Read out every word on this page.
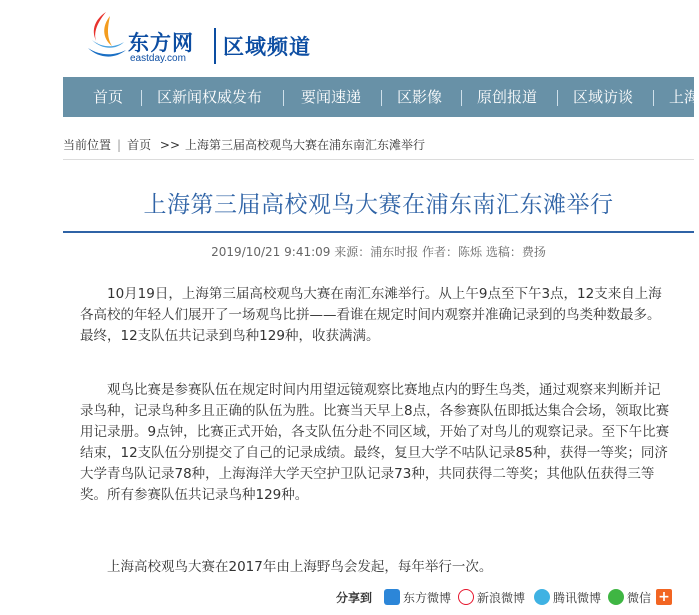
东方网
eastday.com 区域频道
首页 区新闻权威发布	要闻速递 区影像 原创报道 区域访谈 上海
当前位置 | 首页 >> 上海第三届高校观鸟大赛在浦东南汇东滩举行
上海第三届高校观鸟大赛在浦东南汇东滩举行
2019/10/21 9:41:09 来源：浦东时报 作者：陈烁 选稿：费扬

10月19日，上海第三届高校观鸟大赛在南汇东滩举行。从上午9点至下午3点，12支来自上海各高校的年轻人们展开了一场观鸟比拼——看谁在规定时间内观察并准确记录到的鸟类种数最多。最终，12支队伍共记录到鸟种129种，收获满满。

观鸟比赛是参赛队伍在规定时间内用望远镜观察比赛地点内的野生鸟类，通过观察来判断并记录鸟种，记录鸟种多且正确的队伍为胜。比赛当天早上8点，各参赛队伍即抵达集合会场，领取比赛用记录册。9点钟，比赛正式开始，各支队伍分赴不同区域，开始了对鸟儿的观察记录。至下午比赛结束，12支队伍分别提交了自己的记录成绩。最终，复旦大学不咕队记录85种，获得一等奖；同济大学青鸟队记录78种，上海海洋大学天空护卫队记录73种，共同获得二等奖；其他队伍获得三等奖。所有参赛队伍共记录鸟种129种。

上海高校观鸟大赛在2017年由上海野鸟会发起，每年举行一次。

分享到	东方微博 新浪微博 腾讯微博 微信 +
